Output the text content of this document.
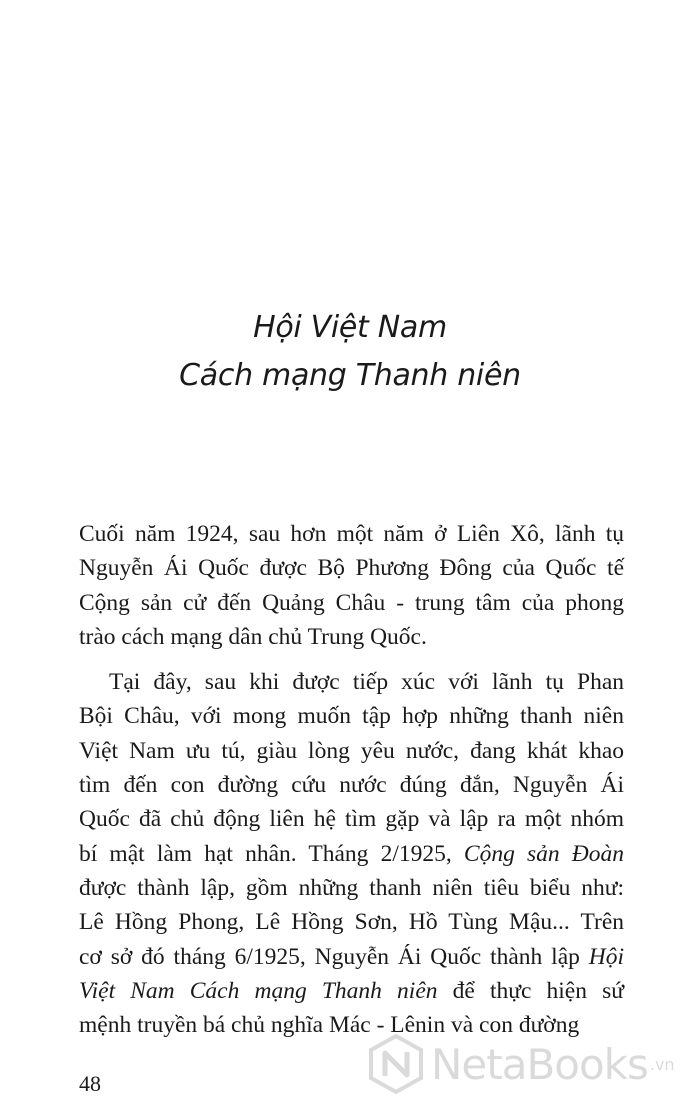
Hội Việt Nam
Cách mạng Thanh niên
Cuối năm 1924, sau hơn một năm ở Liên Xô, lãnh tụ
Nguyễn Ái Quốc được Bộ Phương Đông của Quốc tế
Cộng sản cử đến Quảng Châu - trung tâm của phong
trào cách mạng dân chủ Trung Quốc.
Tại đây, sau khi được tiếp xúc với lãnh tụ Phan
Bội Châu, với mong muốn tập hợp những thanh niên
Việt Nam ưu tú, giàu lòng yêu nước, đang khát khao
tìm đến con đường cứu nước đúng đắn, Nguyễn Ái
Quốc đã chủ động liên hệ tìm gặp và lập ra một nhóm
bí mật làm hạt nhân. Tháng 2/1925, Cộng sản Đoàn
được thành lập, gồm những thanh niên tiêu biểu như:
Lê Hồng Phong, Lê Hồng Sơn, Hồ Tùng Mậu... Trên
cơ sở đó tháng 6/1925, Nguyễn Ái Quốc thành lập Hội
Việt Nam Cách mạng Thanh niên để thực hiện sứ
mệnh truyền bá chủ nghĩa Mác - Lênin và con đường
48	NetaBooks .vn
